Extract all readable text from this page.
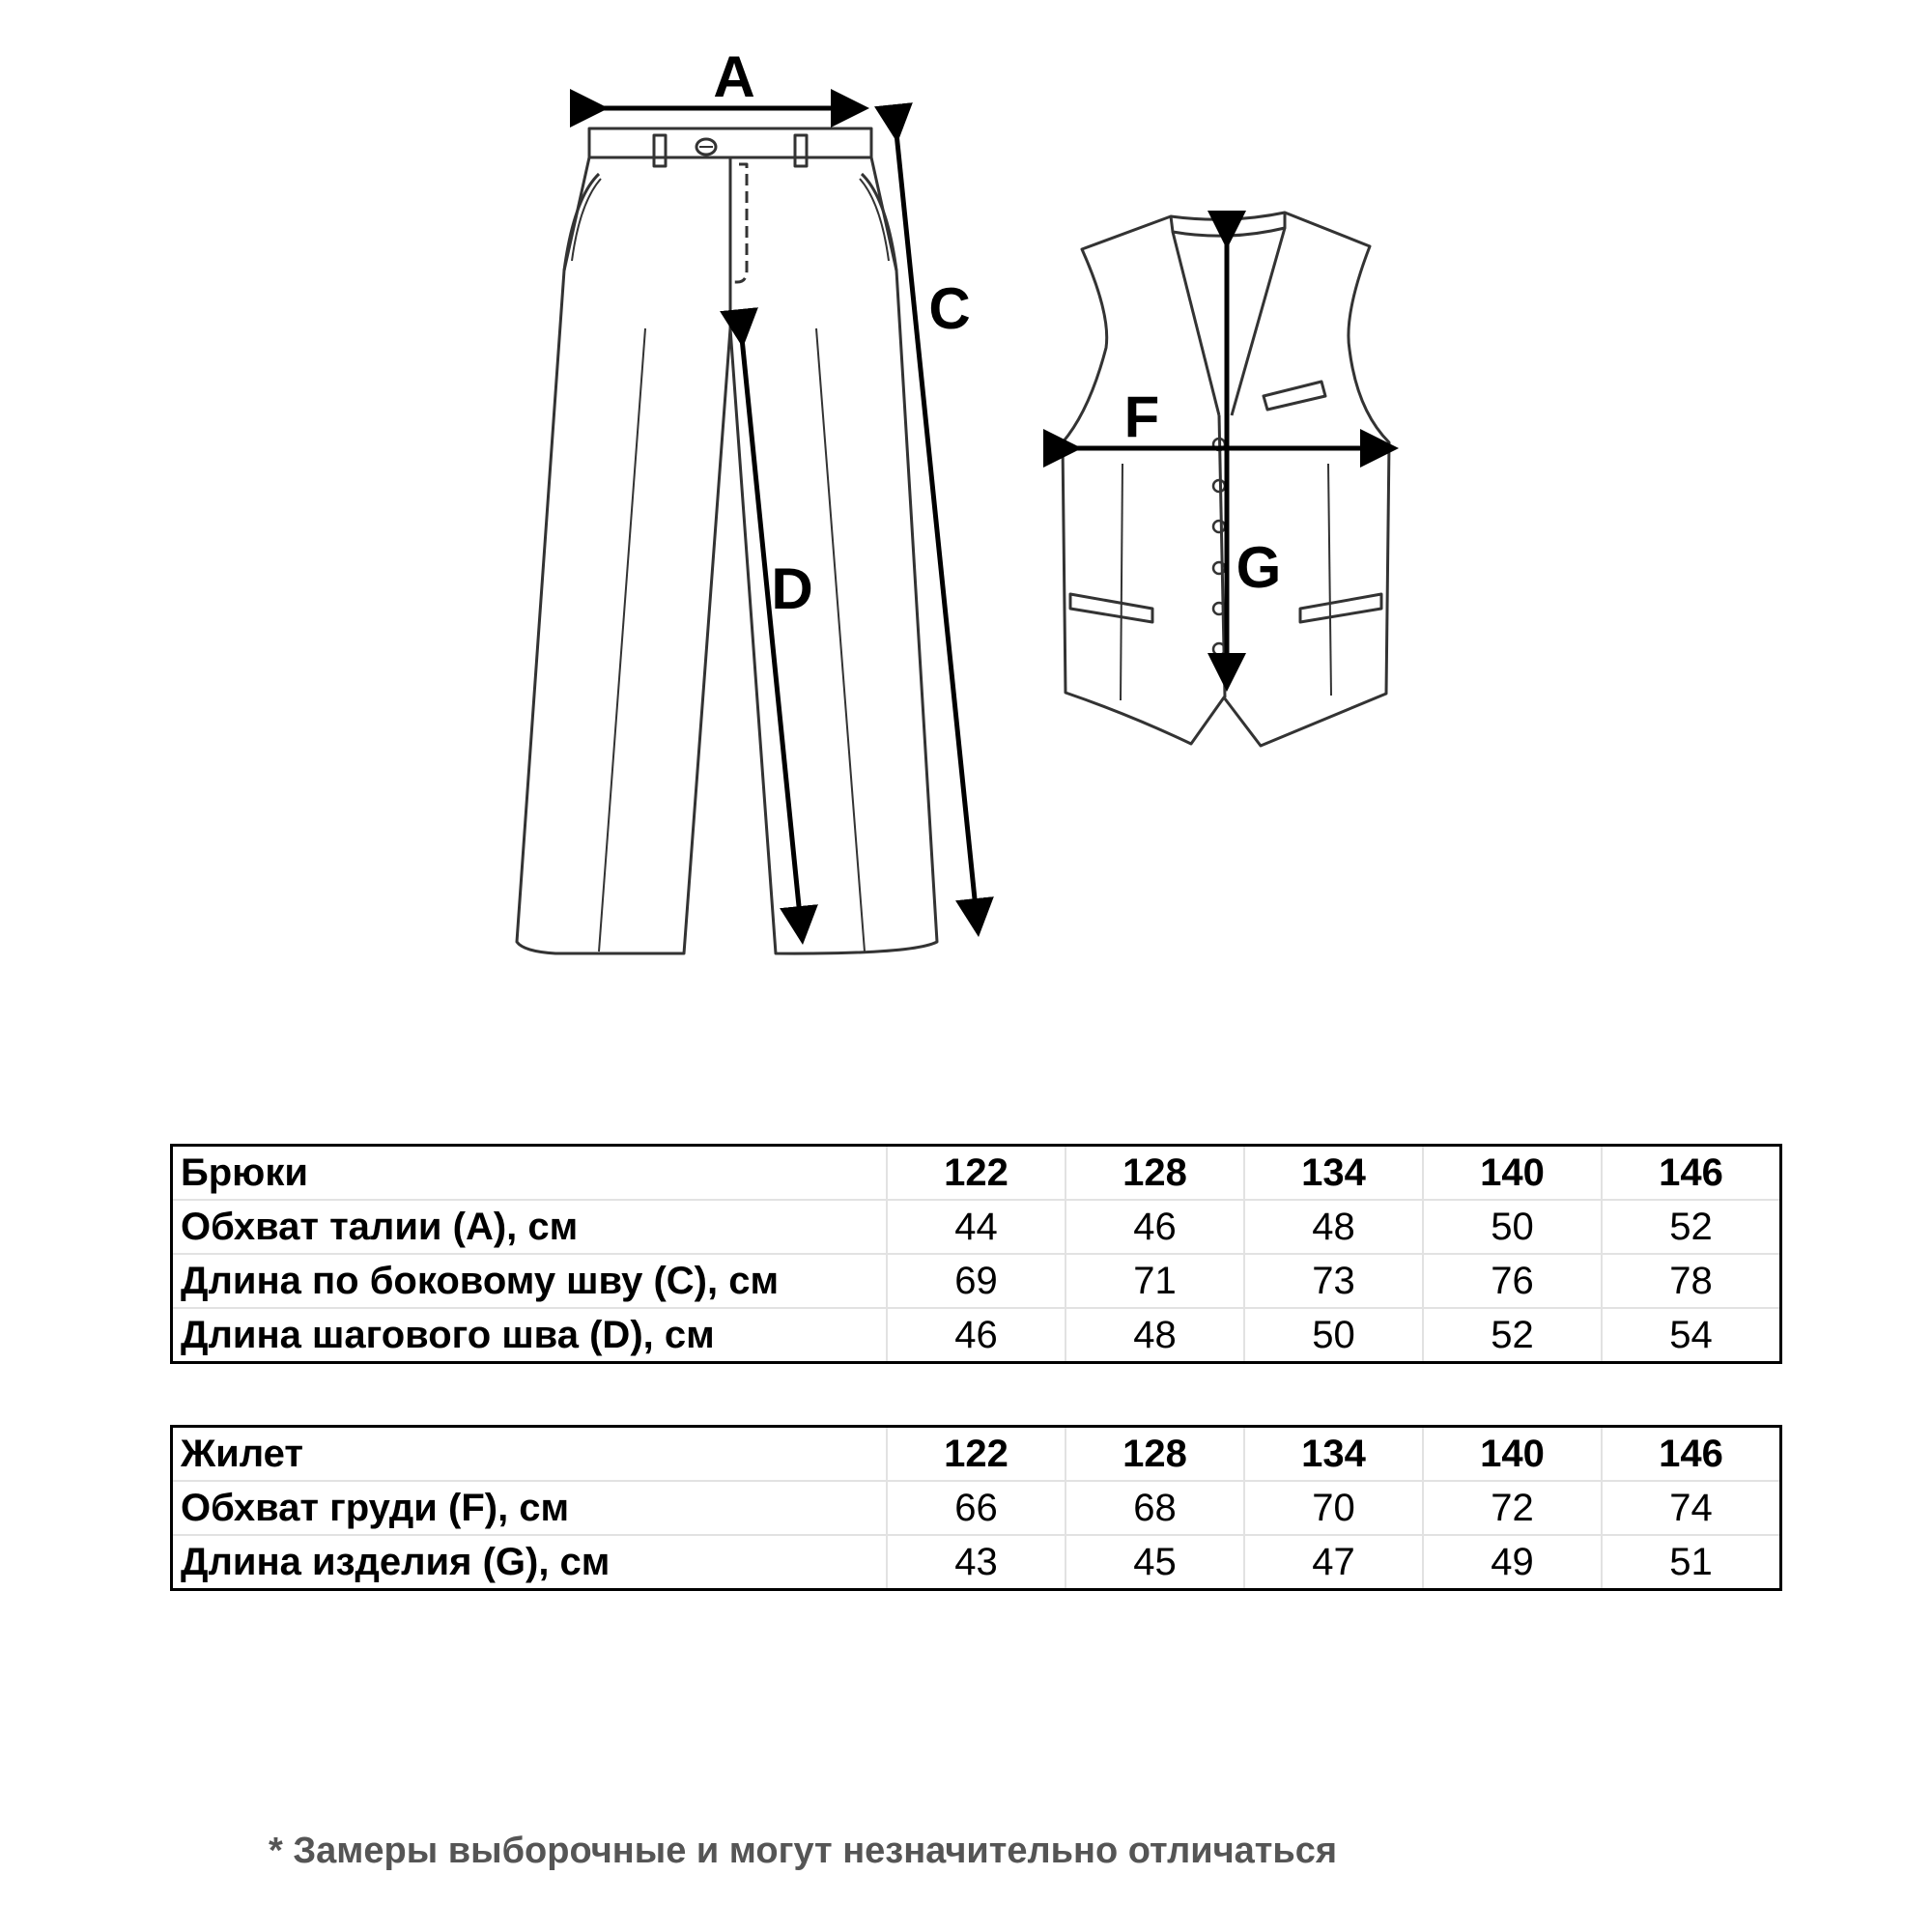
A
C
D
F
G
Брюки	122	128	134	140	146
Обхват талии (A), см	44	46	48	50	52
Длина по боковому шву (C), см	69	71	73	76	78
Длина шагового шва (D), см	46	48	50	52	54
Жилет	122	128	134	140	146
Обхват груди (F), см	66	68	70	72	74
Длина изделия (G), см	43	45	47	49	51
* Замеры выборочные и могут незначительно отличаться
